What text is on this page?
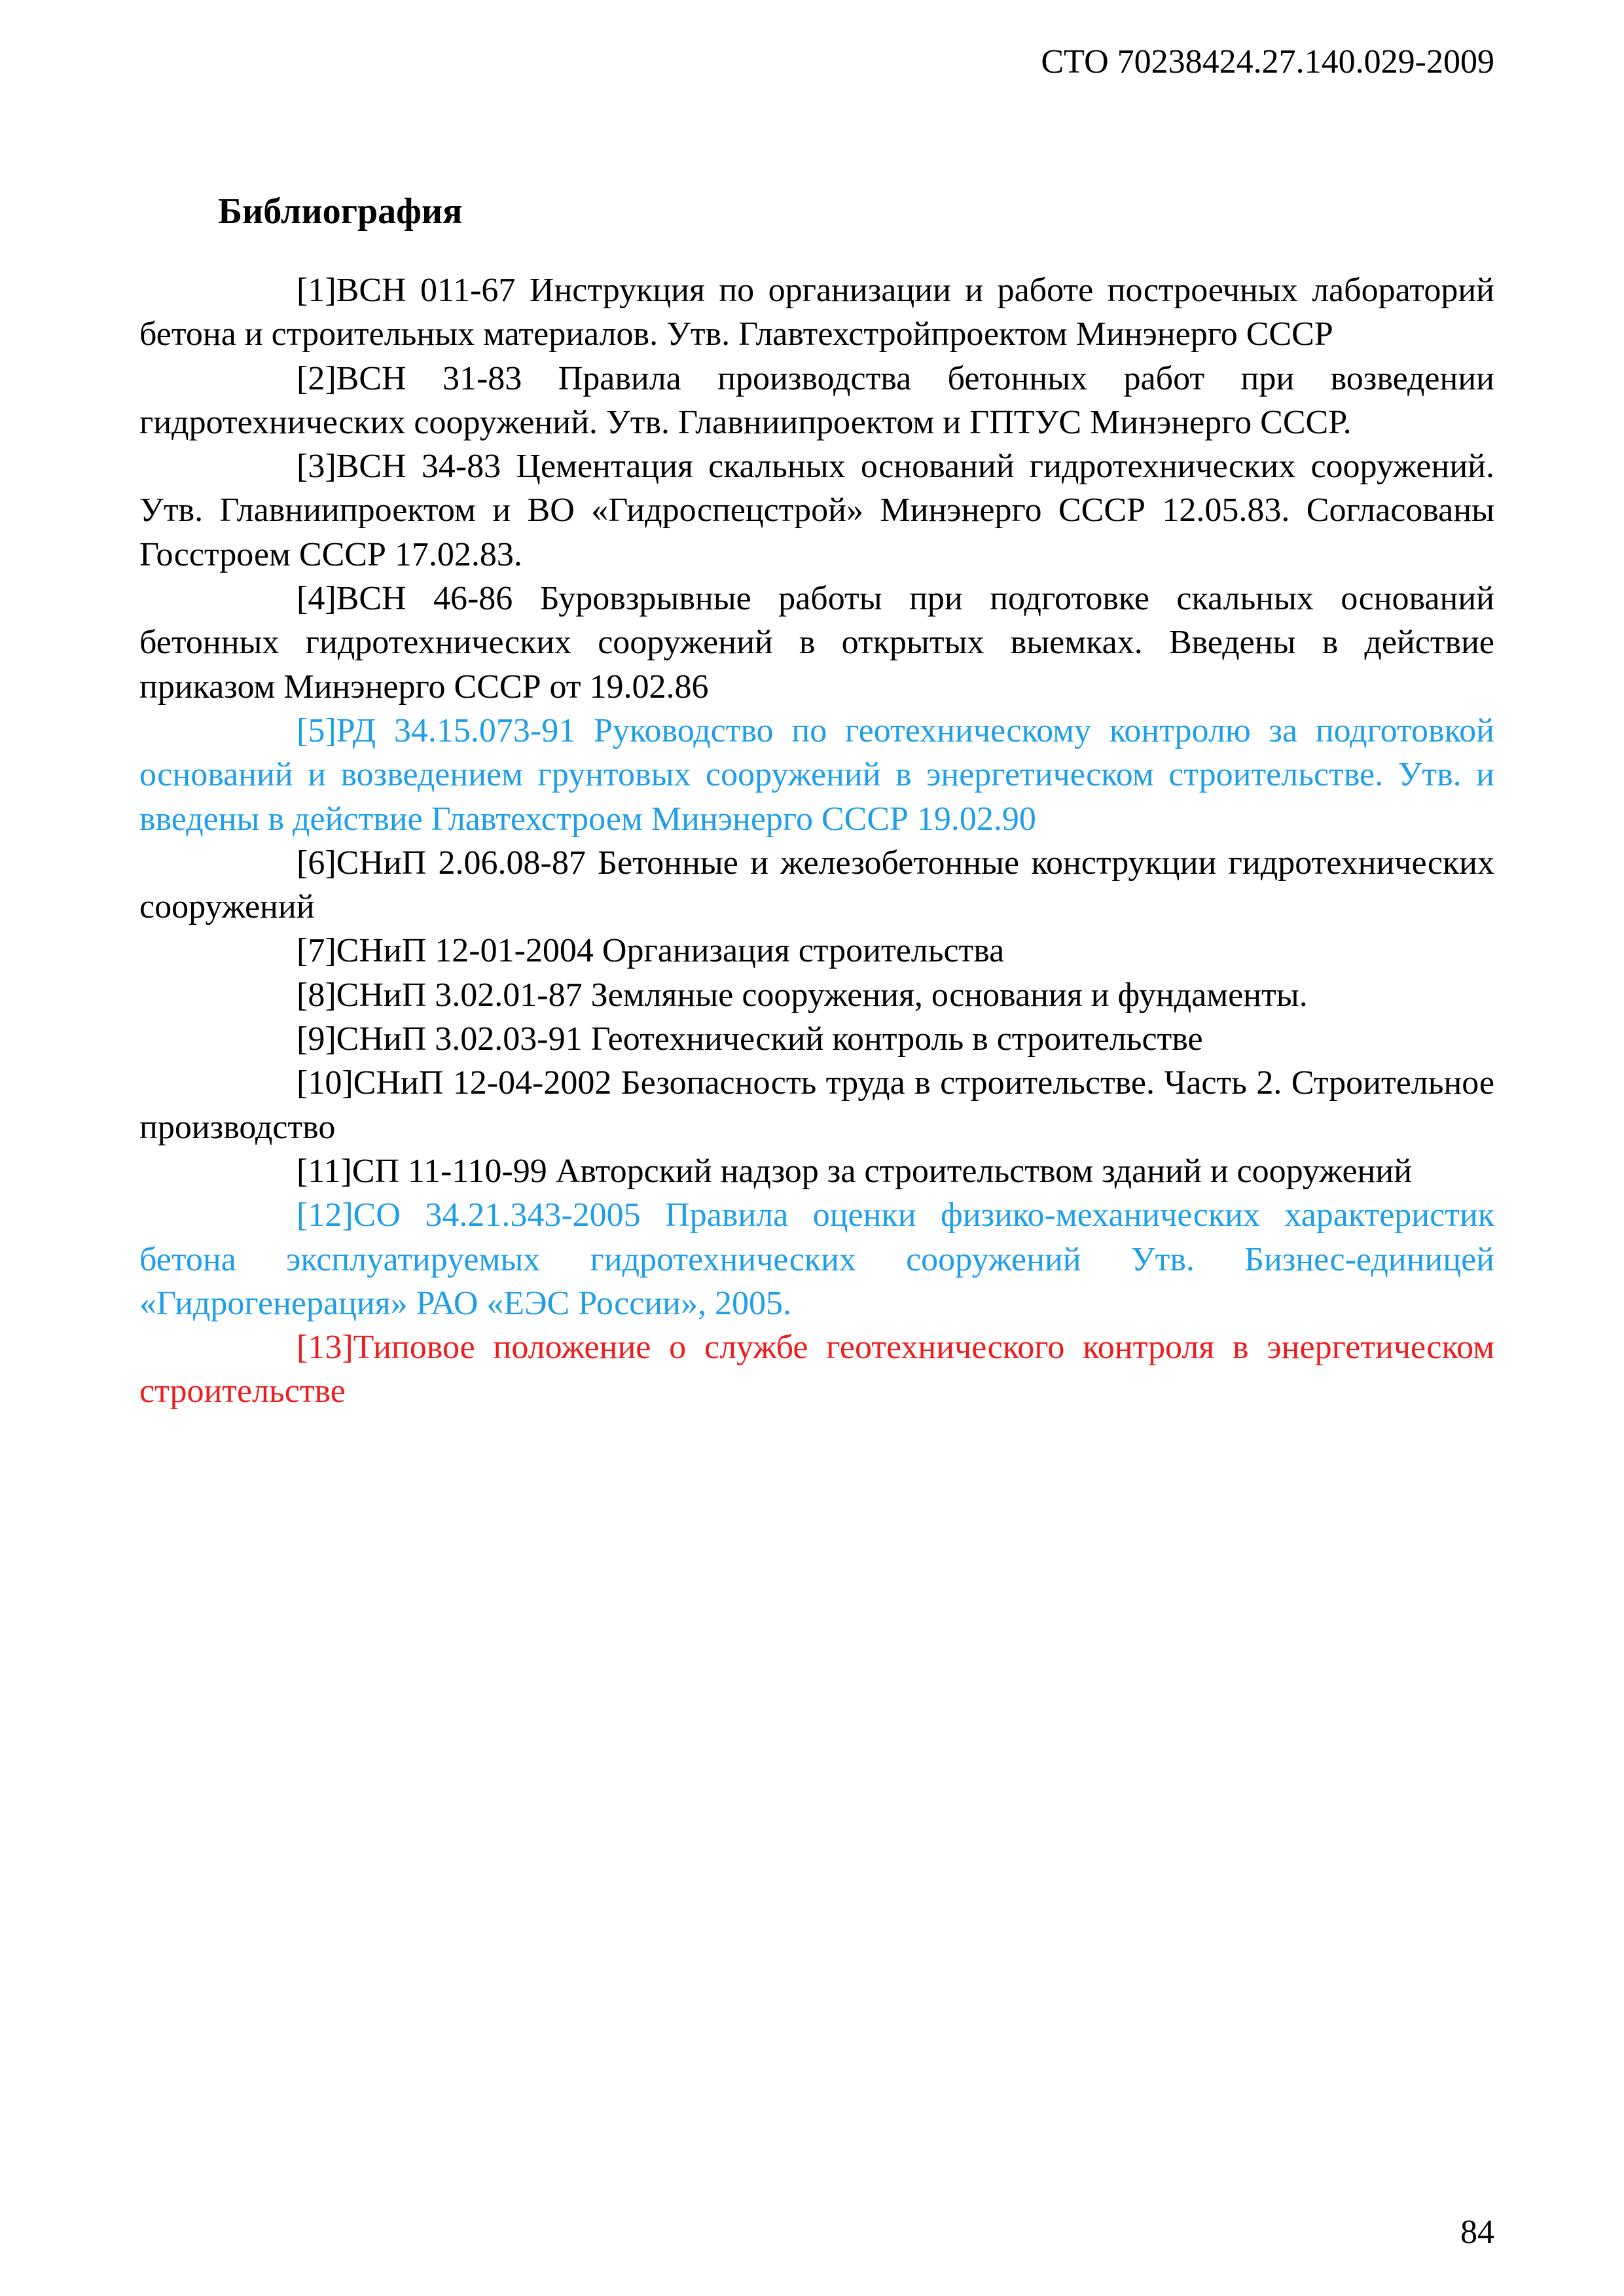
СТО 70238424.27.140.029-2009
Библиография

[1]ВСН 011-67 Инструкция по организации и работе построечных лабораторий бетона и строительных материалов. Утв. Главтехстройпроектом Минэнерго СССР

[2]ВСН 31-83 Правила производства бетонных работ при возведении гидротехнических сооружений. Утв. Главниипроектом и ГПТУС Минэнерго СССР.

[3]ВСН 34-83 Цементация скальных оснований гидротехнических сооружений. Утв. Главниипроектом и ВО «Гидроспецстрой» Минэнерго СССР 12.05.83. Согласованы Госстроем СССР 17.02.83.

[4]ВСН 46-86 Буровзрывные работы при подготовке скальных оснований бетонных гидротехнических сооружений в открытых выемках. Введены в действие приказом Минэнерго СССР от 19.02.86

[5]РД 34.15.073-91 Руководство по геотехническому контролю за подготовкой оснований и возведением грунтовых сооружений в энергетическом строительстве. Утв. и введены в действие Главтехстроем Минэнерго СССР 19.02.90

[6]СНиП 2.06.08-87 Бетонные и железобетонные конструкции гидротехнических сооружений

[7]СНиП 12-01-2004 Организация строительства

[8]СНиП 3.02.01-87 Земляные сооружения, основания и фундаменты.

[9]СНиП 3.02.03-91 Геотехнический контроль в строительстве

[10]СНиП 12-04-2002 Безопасность труда в строительстве. Часть 2. Строительное производство

[11]СП 11-110-99 Авторский надзор за строительством зданий и сооружений

[12]СО 34.21.343-2005 Правила оценки физико-механических характеристик бетона эксплуатируемых гидротехнических сооружений Утв. Бизнес-единицей «Гидрогенерация» РАО «ЕЭС России», 2005.

[13]Типовое положение о службе геотехнического контроля в энергетическом строительстве

84
